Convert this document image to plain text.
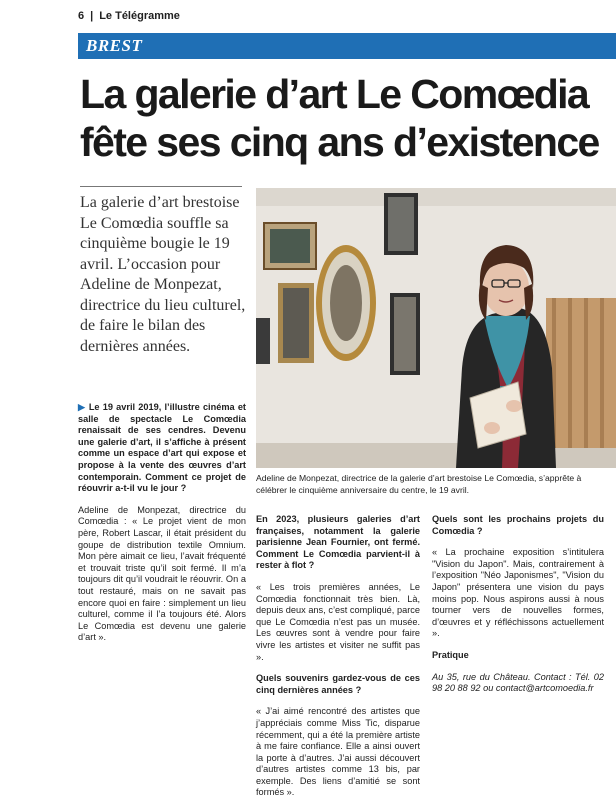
6 | Le Télégramme
BREST
La galerie d’art Le Comœdia
fête ses cinq ans d’existence
La galerie d’art brestoise Le Comœdia souffle sa cinquième bougie le 19 avril. L’occasion pour Adeline de Monpezat, directrice du lieu culturel, de faire le bilan des dernières années.
Adeline de Monpezat, directrice de la galerie d’art brestoise Le Comœdia, s’apprête à célébrer le cinquième anniversaire du centre, le 19 avril.

▶ Le 19 avril 2019, l’illustre cinéma et salle de spectacle Le Comœdia renaissait de ses cendres. Devenu une galerie d’art, il s’affiche à présent comme un espace d’art qui expose et propose à la vente des œuvres d’art contemporain. Comment ce projet de réouvrir a-t-il vu le jour ?

Adeline de Monpezat, directrice du Comœdia : « Le projet vient de mon père, Robert Lascar, il était président du goupe de distribution textile Omnium. Mon père aimait ce lieu, l’avait fréquenté et trouvait triste qu’il soit fermé. Il m’a toujours dit qu’il voudrait le réouvrir. On a tout restauré, mais on ne savait pas encore quoi en faire : simplement un lieu culturel, comme il l’a toujours été. Alors Le Comœdia est devenu une galerie d’art ».

En 2023, plusieurs galeries d’art françaises, notamment la galerie parisienne Jean Fournier, ont fermé. Comment Le Comœdia parvient-il à rester à flot ?

« Les trois premières années, Le Comœdia fonctionnait très bien. Là, depuis deux ans, c’est compliqué, parce que Le Comœdia n’est pas un musée. Les œuvres sont à vendre pour faire vivre les artistes et visiter ne suffit pas ».

Quels souvenirs gardez-vous de ces cinq dernières années ?

« J’ai aimé rencontré des artistes que j’appréciais comme Miss Tic, disparue récemment, qui a été la première artiste à me faire confiance. Elle a ainsi ouvert la porte à d’autres. J’ai aussi découvert d’autres artistes comme 13 bis, par exemple. Des liens d’amitié se sont formés ».

Quels sont les prochains projets du Comœdia ?

« La prochaine exposition s’intitulera "Vision du Japon". Mais, contrairement à l’exposition "Néo Japonismes", "Vision du Japon" présentera une vision du pays moins pop. Nous aspirons aussi à nous tourner vers de nouvelles formes, d’œuvres et y réfléchissons actuellement ».

Pratique

Au 35, rue du Château. Contact : Tél. 02 98 20 88 92 ou contact@artcomoedia.fr
